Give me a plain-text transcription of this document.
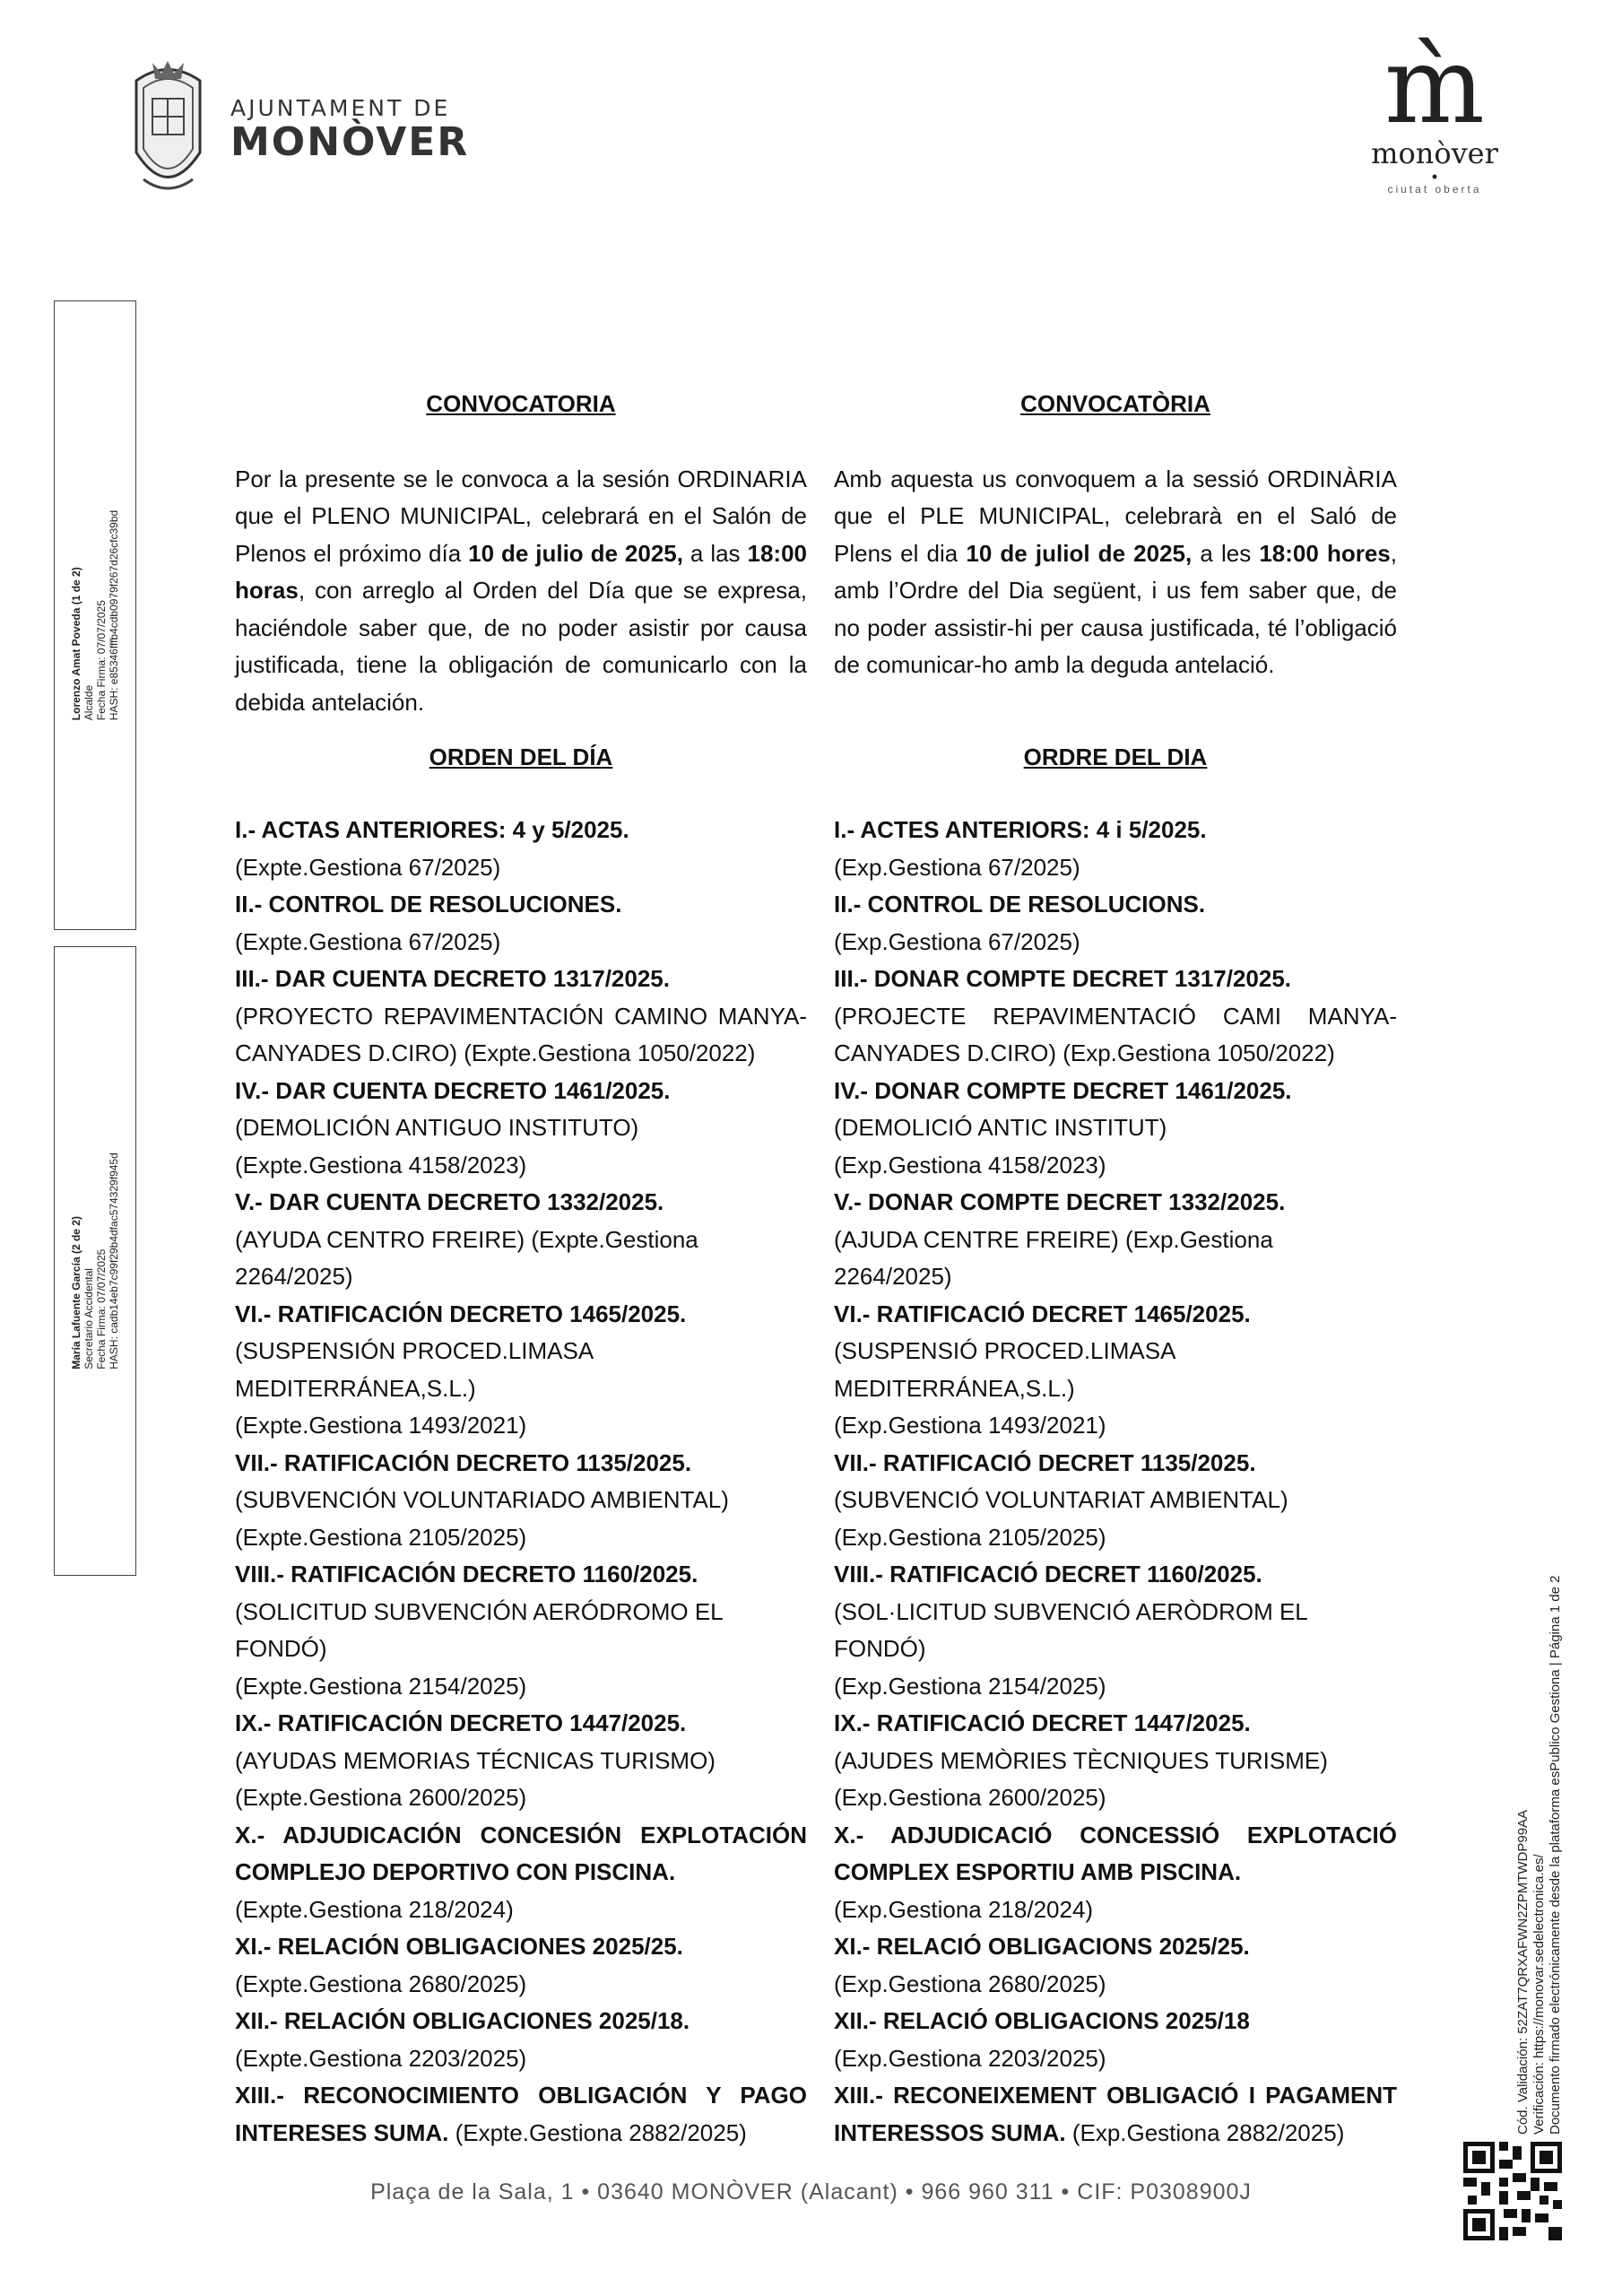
AJUNTAMENT DE
MONÒVER	m̀
monòver
•
ciutat oberta
Lorenzo Amat Poveda (1 de 2)
Alcalde
Fecha Firma: 07/07/2025
HASH: e85346fffb4cdb0979f267d26cfc39bd
María Lafuente García (2 de 2)
Secretario Accidental
Fecha Firma: 07/07/2025
HASH: cadb14eb7c99f29b4dfac574329f945d
Cód. Validación: 52ZAT7QRXAFWN2ZPMTWDP99AA Verificación: https://monovar.sedelectronica.es/ Documento firmado electrónicamente desde la plataforma esPublico Gestiona | Página 1 de 2
CONVOCATORIA
Por la presente se le convoca a la sesión ORDINARIA que el PLENO MUNICIPAL, celebrará en el Salón de Plenos el próximo día 10 de julio de 2025, a las 18:00 horas, con arreglo al Orden del Día que se expresa, haciéndole saber que, de no poder asistir por causa justificada, tiene la obligación de comunicarlo con la debida antelación.
ORDEN DEL DÍA
I.- ACTAS ANTERIORES: 4 y 5/2025.
(Expte.Gestiona 67/2025)
II.- CONTROL DE RESOLUCIONES.
(Expte.Gestiona 67/2025)
III.- DAR CUENTA DECRETO 1317/2025.
(PROYECTO REPAVIMENTACIÓN CAMINO MANYA-
CANYADES D.CIRO) (Expte.Gestiona 1050/2022)
IV.- DAR CUENTA DECRETO 1461/2025.
(DEMOLICIÓN ANTIGUO INSTITUTO)
(Expte.Gestiona 4158/2023)
V.- DAR CUENTA DECRETO 1332/2025.
(AYUDA CENTRO FREIRE) (Expte.Gestiona 2264/2025)
VI.- RATIFICACIÓN DECRETO 1465/2025.
(SUSPENSIÓN PROCED.LIMASA MEDITERRÁNEA,S.L.)
(Expte.Gestiona 1493/2021)
VII.- RATIFICACIÓN DECRETO 1135/2025.
(SUBVENCIÓN VOLUNTARIADO AMBIENTAL)
(Expte.Gestiona 2105/2025)
VIII.- RATIFICACIÓN DECRETO 1160/2025.
(SOLICITUD SUBVENCIÓN AERÓDROMO EL FONDÓ)
(Expte.Gestiona 2154/2025)
IX.- RATIFICACIÓN DECRETO 1447/2025.
(AYUDAS MEMORIAS TÉCNICAS TURISMO)
(Expte.Gestiona 2600/2025)
X.- ADJUDICACIÓN CONCESIÓN EXPLOTACIÓN
COMPLEJO DEPORTIVO CON PISCINA.
(Expte.Gestiona 218/2024)
XI.- RELACIÓN OBLIGACIONES 2025/25.
(Expte.Gestiona 2680/2025)
XII.- RELACIÓN OBLIGACIONES 2025/18.
(Expte.Gestiona 2203/2025)
XIII.- RECONOCIMIENTO OBLIGACIÓN Y PAGO
INTERESES SUMA. (Expte.Gestiona 2882/2025)
CONVOCATÒRIA
Amb aquesta us convoquem a la sessió ORDINÀRIA que el PLE MUNICIPAL, celebrarà en el Saló de Plens el dia 10 de juliol de 2025, a les 18:00 hores, amb l’Ordre del Dia següent, i us fem saber que, de no poder assistir-hi per causa justificada, té l’obligació de comunicar-ho amb la deguda antelació.
ORDRE DEL DIA
I.- ACTES ANTERIORS: 4 i 5/2025.
(Exp.Gestiona 67/2025)
II.- CONTROL DE RESOLUCIONS.
(Exp.Gestiona 67/2025)
III.- DONAR COMPTE DECRET 1317/2025.
(PROJECTE REPAVIMENTACIÓ CAMI MANYA-
CANYADES D.CIRO) (Exp.Gestiona 1050/2022)
IV.- DONAR COMPTE DECRET 1461/2025.
(DEMOLICIÓ ANTIC INSTITUT)
(Exp.Gestiona 4158/2023)
V.- DONAR COMPTE DECRET 1332/2025.
(AJUDA CENTRE FREIRE) (Exp.Gestiona 2264/2025)
VI.- RATIFICACIÓ DECRET 1465/2025.
(SUSPENSIÓ PROCED.LIMASA MEDITERRÁNEA,S.L.)
(Exp.Gestiona 1493/2021)
VII.- RATIFICACIÓ DECRET 1135/2025.
(SUBVENCIÓ VOLUNTARIAT AMBIENTAL)
(Exp.Gestiona 2105/2025)
VIII.- RATIFICACIÓ DECRET 1160/2025.
(SOL·LICITUD SUBVENCIÓ AERÒDROM EL FONDÓ)
(Exp.Gestiona 2154/2025)
IX.- RATIFICACIÓ DECRET 1447/2025.
(AJUDES MEMÒRIES TÈCNIQUES TURISME)
(Exp.Gestiona 2600/2025)
X.- ADJUDICACIÓ CONCESSIÓ EXPLOTACIÓ
COMPLEX ESPORTIU AMB PISCINA.
(Exp.Gestiona 218/2024)
XI.- RELACIÓ OBLIGACIONS 2025/25.
(Exp.Gestiona 2680/2025)
XII.- RELACIÓ OBLIGACIONS 2025/18
(Exp.Gestiona 2203/2025)
XIII.- RECONEIXEMENT OBLIGACIÓ I PAGAMENT
INTERESSOS SUMA. (Exp.Gestiona 2882/2025)
Plaça de la Sala, 1 • 03640 MONÒVER (Alacant) • 966 960 311 • CIF: P0308900J
